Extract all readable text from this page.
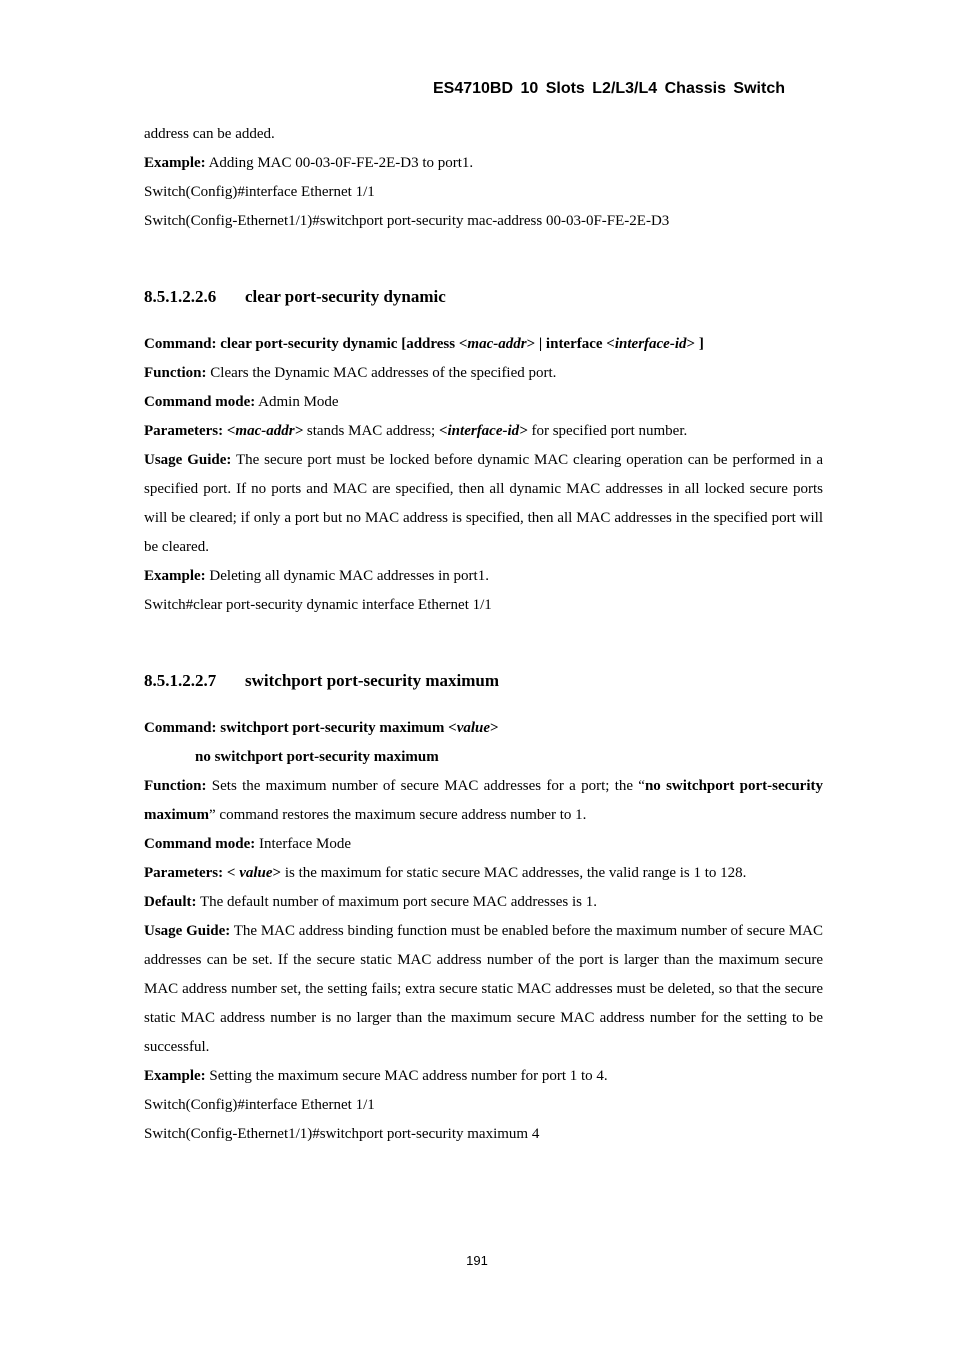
ES4710BD 10 Slots L2/L3/L4 Chassis Switch
address can be added.
Example: Adding MAC 00-03-0F-FE-2E-D3 to port1.
Switch(Config)#interface Ethernet 1/1
Switch(Config-Ethernet1/1)#switchport port-security mac-address 00-03-0F-FE-2E-D3
8.5.1.2.2.6 clear port-security dynamic
Command: clear port-security dynamic [address <mac-addr> | interface <interface-id> ]
Function: Clears the Dynamic MAC addresses of the specified port.
Command mode: Admin Mode
Parameters: <mac-addr> stands MAC address; <interface-id> for specified port number.
Usage Guide: The secure port must be locked before dynamic MAC clearing operation can be performed in a specified port. If no ports and MAC are specified, then all dynamic MAC addresses in all locked secure ports will be cleared; if only a port but no MAC address is specified, then all MAC addresses in the specified port will be cleared.
Example: Deleting all dynamic MAC addresses in port1.
Switch#clear port-security dynamic interface Ethernet 1/1
8.5.1.2.2.7 switchport port-security maximum
Command: switchport port-security maximum <value>
no switchport port-security maximum
Function: Sets the maximum number of secure MAC addresses for a port; the “no switchport port-security maximum” command restores the maximum secure address number to 1.
Command mode: Interface Mode
Parameters: < value> is the maximum for static secure MAC addresses, the valid range is 1 to 128.
Default: The default number of maximum port secure MAC addresses is 1.
Usage Guide: The MAC address binding function must be enabled before the maximum number of secure MAC addresses can be set. If the secure static MAC address number of the port is larger than the maximum secure MAC address number set, the setting fails; extra secure static MAC addresses must be deleted, so that the secure static MAC address number is no larger than the maximum secure MAC address number for the setting to be successful.
Example: Setting the maximum secure MAC address number for port 1 to 4.
Switch(Config)#interface Ethernet 1/1
Switch(Config-Ethernet1/1)#switchport port-security maximum 4
191
